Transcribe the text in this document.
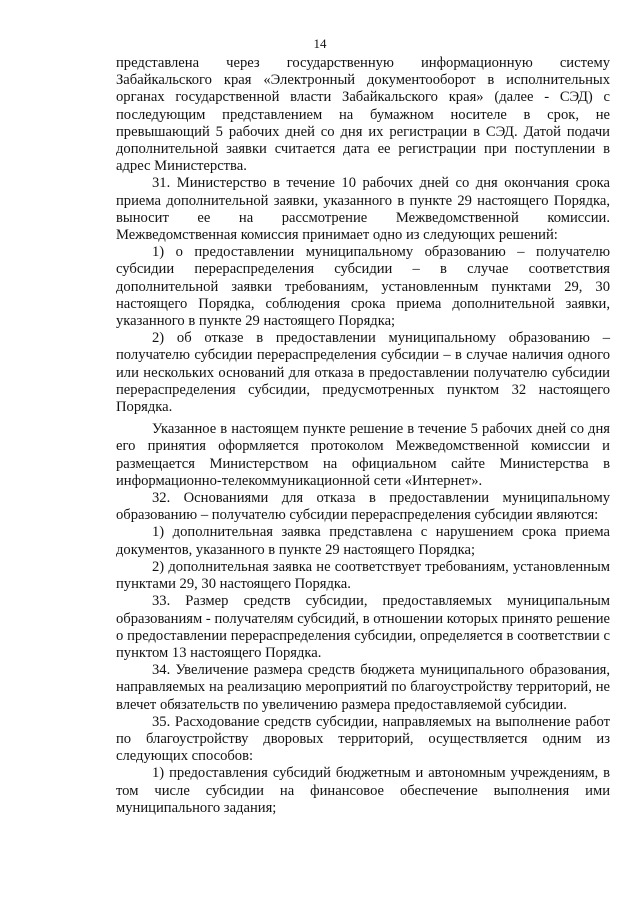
14

представлена через государственную информационную систему Забайкальского края «Электронный документооборот в исполнительных органах государственной власти Забайкальского края» (далее - СЭД) с последующим представлением на бумажном носителе в срок, не превышающий 5 рабочих дней со дня их регистрации в СЭД. Датой подачи дополнительной заявки считается дата ее регистрации при поступлении в адрес Министерства.

31. Министерство в течение 10 рабочих дней со дня окончания срока приема дополнительной заявки, указанного в пункте 29 настоящего Порядка, выносит ее на рассмотрение Межведомственной комиссии. Межведомственная комиссия принимает одно из следующих решений:

1) о предоставлении муниципальному образованию – получателю субсидии перераспределения субсидии – в случае соответствия дополнительной заявки требованиям, установленным пунктами 29, 30 настоящего Порядка, соблюдения срока приема дополнительной заявки, указанного в пункте 29 настоящего Порядка;

2) об отказе в предоставлении муниципальному образованию – получателю субсидии перераспределения субсидии – в случае наличия одного или нескольких оснований для отказа в предоставлении получателю субсидии перераспределения субсидии, предусмотренных пунктом 32 настоящего Порядка.

Указанное в настоящем пункте решение в течение 5 рабочих дней со дня его принятия оформляется протоколом Межведомственной комиссии и размещается Министерством на официальном сайте Министерства в информационно-телекоммуникационной сети «Интернет».

32. Основаниями для отказа в предоставлении муниципальному образованию – получателю субсидии перераспределения субсидии являются:

1) дополнительная заявка представлена с нарушением срока приема документов, указанного в пункте 29 настоящего Порядка;

2) дополнительная заявка не соответствует требованиям, установленным пунктами 29, 30 настоящего Порядка.

33. Размер средств субсидии, предоставляемых муниципальным образованиям - получателям субсидий, в отношении которых принято решение о предоставлении перераспределения субсидии, определяется в соответствии с пунктом 13 настоящего Порядка.

34. Увеличение размера средств бюджета муниципального образования, направляемых на реализацию мероприятий по благоустройству территорий, не влечет обязательств по увеличению размера предоставляемой субсидии.

35. Расходование средств субсидии, направляемых на выполнение работ по благоустройству дворовых территорий, осуществляется одним из следующих способов:

1) предоставления субсидий бюджетным и автономным учреждениям, в том числе субсидии на финансовое обеспечение выполнения ими муниципального задания;
